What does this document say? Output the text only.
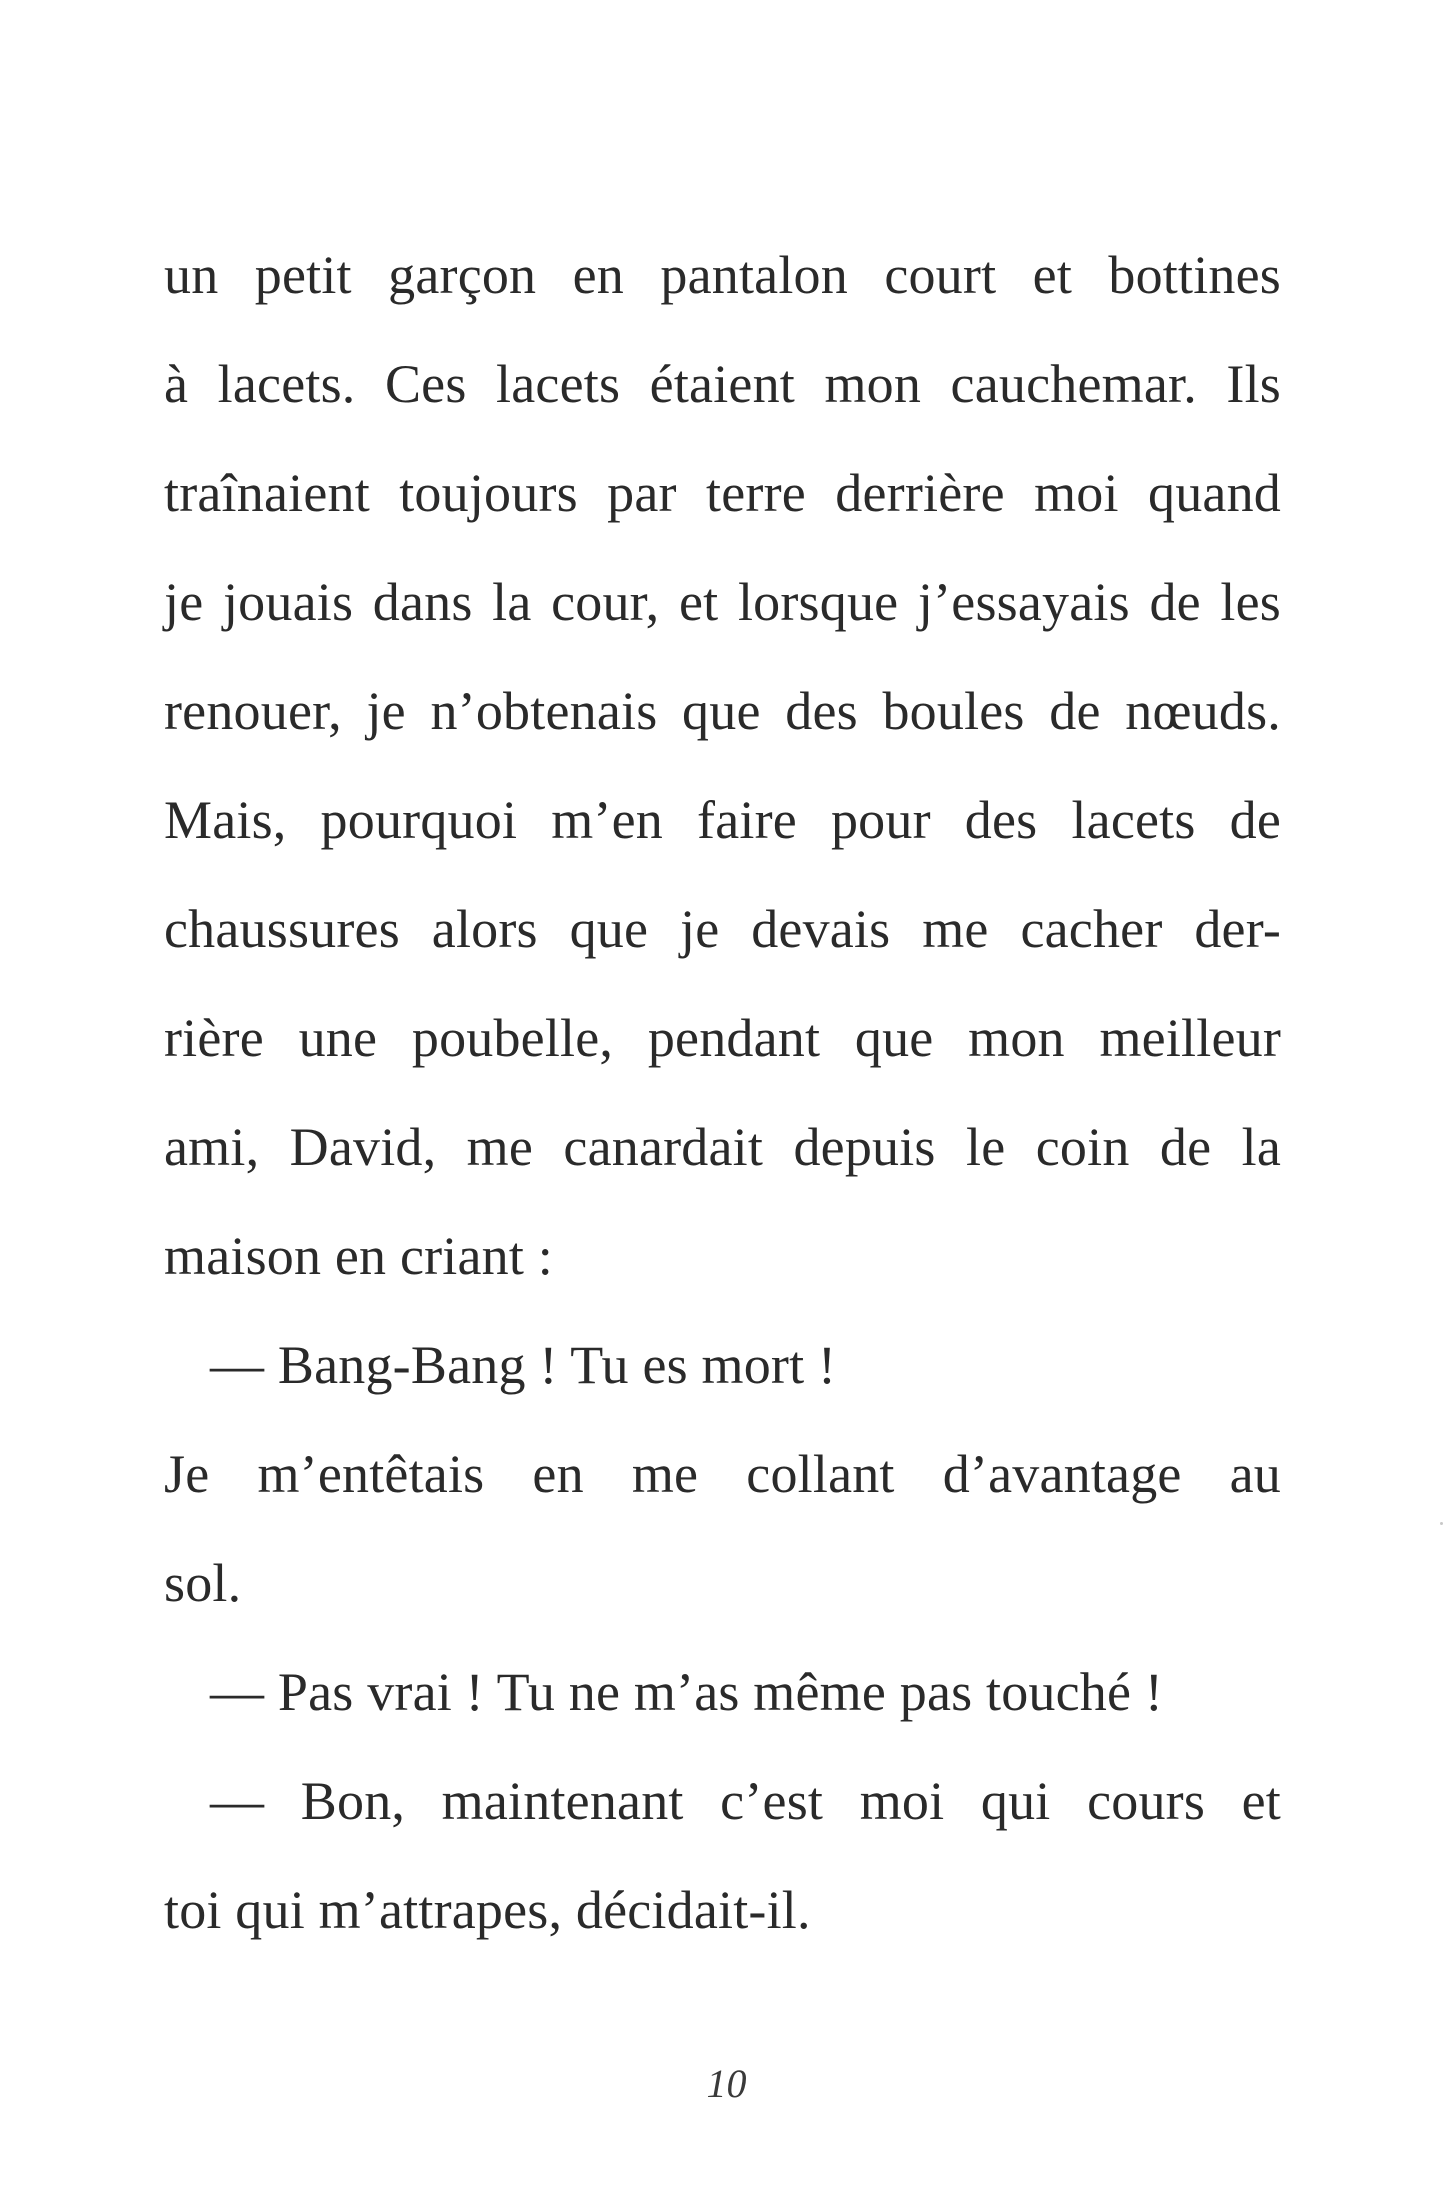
un petit garçon en pantalon court et bottines
à lacets. Ces lacets étaient mon cauchemar. Ils
traînaient toujours par terre derrière moi quand
je jouais dans la cour, et lorsque j’essayais de les
renouer, je n’obtenais que des boules de nœuds.
Mais, pourquoi m’en faire pour des lacets de
chaussures alors que je devais me cacher der-
rière une poubelle, pendant que mon meilleur
ami, David, me canardait depuis le coin de la
maison en criant :
— Bang-Bang ! Tu es mort !
Je m’entêtais en me collant d’avantage au
sol.
— Pas vrai ! Tu ne m’as même pas touché !
— Bon, maintenant c’est moi qui cours et
toi qui m’attrapes, décidait-il.
10
